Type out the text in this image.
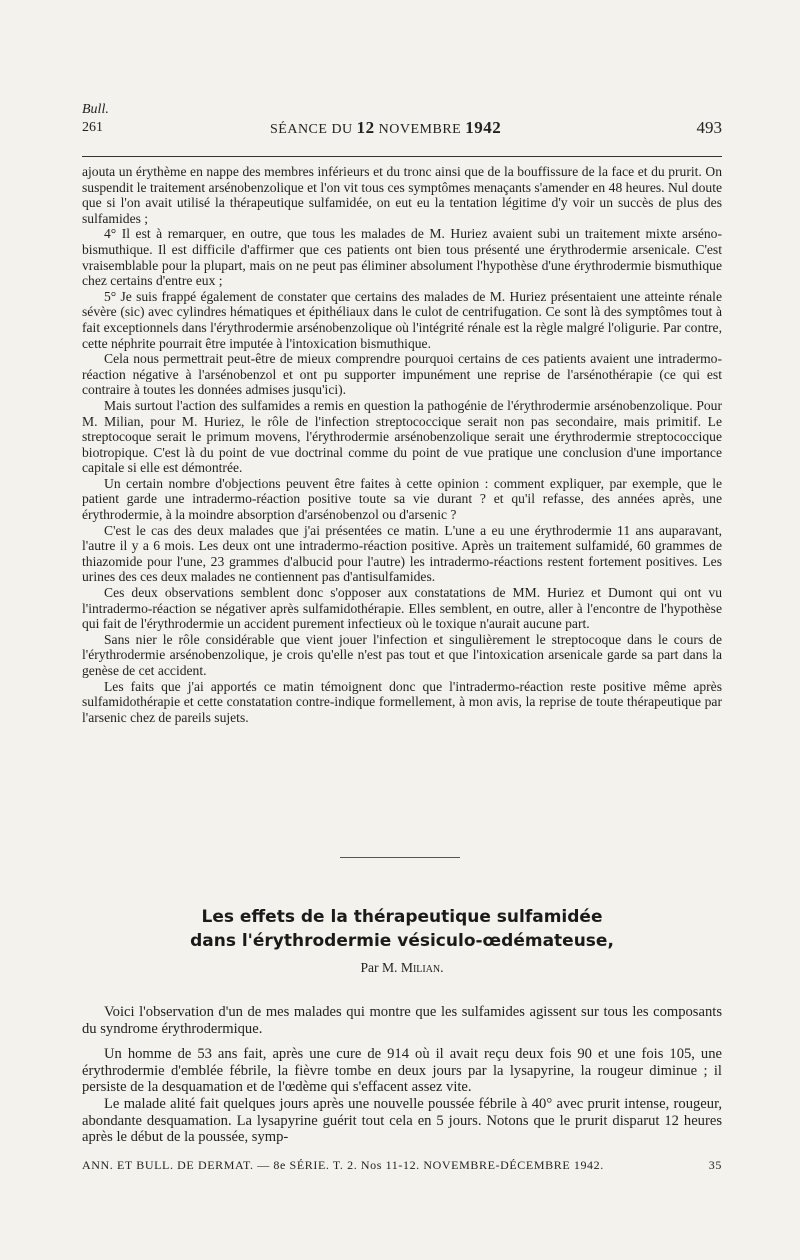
Bull.
261	SÉANCE DU 12 NOVEMBRE 1942	493

ajouta un érythème en nappe des membres inférieurs et du tronc ainsi que de la bouffissure de la face et du prurit. On suspendit le traitement arsénobenzolique et l'on vit tous ces symptômes menaçants s'amender en 48 heures. Nul doute que si l'on avait utilisé la thérapeutique sulfamidée, on eut eu la tentation légitime d'y voir un succès de plus des sulfamides ;

4° Il est à remarquer, en outre, que tous les malades de M. Huriez avaient subi un traitement mixte arséno-bismuthique. Il est difficile d'affirmer que ces patients ont bien tous présenté une érythrodermie arsenicale. C'est vraisemblable pour la plupart, mais on ne peut pas éliminer absolument l'hypothèse d'une érythrodermie bismuthique chez certains d'entre eux ;

5° Je suis frappé également de constater que certains des malades de M. Huriez présentaient une atteinte rénale sévère (sic) avec cylindres hématiques et épithéliaux dans le culot de centrifugation. Ce sont là des symptômes tout à fait exceptionnels dans l'érythrodermie arsénobenzolique où l'intégrité rénale est la règle malgré l'oligurie. Par contre, cette néphrite pourrait être imputée à l'intoxication bismuthique.

Cela nous permettrait peut-être de mieux comprendre pourquoi certains de ces patients avaient une intradermo-réaction négative à l'arsénobenzol et ont pu supporter impunément une reprise de l'arsénothérapie (ce qui est contraire à toutes les données admises jusqu'ici).

Mais surtout l'action des sulfamides a remis en question la pathogénie de l'érythrodermie arsénobenzolique. Pour M. Milian, pour M. Huriez, le rôle de l'infection streptococcique serait non pas secondaire, mais primitif. Le streptocoque serait le primum movens, l'érythrodermie arsénobenzolique serait une érythrodermie streptococcique biotropique. C'est là du point de vue doctrinal comme du point de vue pratique une conclusion d'une importance capitale si elle est démontrée.

Un certain nombre d'objections peuvent être faites à cette opinion : comment expliquer, par exemple, que le patient garde une intradermo-réaction positive toute sa vie durant ? et qu'il refasse, des années après, une érythrodermie, à la moindre absorption d'arsénobenzol ou d'arsenic ?

C'est le cas des deux malades que j'ai présentées ce matin. L'une a eu une érythrodermie 11 ans auparavant, l'autre il y a 6 mois. Les deux ont une intradermo-réaction positive. Après un traitement sulfamidé, 60 grammes de thiazomide pour l'une, 23 grammes d'albucid pour l'autre) les intradermo-réactions restent fortement positives. Les urines des ces deux malades ne contiennent pas d'antisulfamides.

Ces deux observations semblent donc s'opposer aux constatations de MM. Huriez et Dumont qui ont vu l'intradermo-réaction se négativer après sulfamidothérapie. Elles semblent, en outre, aller à l'encontre de l'hypothèse qui fait de l'érythrodermie un accident purement infectieux où le toxique n'aurait aucune part.

Sans nier le rôle considérable que vient jouer l'infection et singulièrement le streptocoque dans le cours de l'érythrodermie arsénobenzolique, je crois qu'elle n'est pas tout et que l'intoxication arsenicale garde sa part dans la genèse de cet accident.

Les faits que j'ai apportés ce matin témoignent donc que l'intradermo-réaction reste positive même après sulfamidothérapie et cette constatation contre-indique formellement, à mon avis, la reprise de toute thérapeutique par l'arsenic chez de pareils sujets.

Les effets de la thérapeutique sulfamidée
dans l'érythrodermie vésiculo-œdémateuse,
Par M. Milian.

Voici l'observation d'un de mes malades qui montre que les sulfamides agissent sur tous les composants du syndrome érythrodermique.

Un homme de 53 ans fait, après une cure de 914 où il avait reçu deux fois 90 et une fois 105, une érythrodermie d'emblée fébrile, la fièvre tombe en deux jours par la lysapyrine, la rougeur diminue ; il persiste de la desquamation et de l'œdème qui s'effacent assez vite.

Le malade alité fait quelques jours après une nouvelle poussée fébrile à 40° avec prurit intense, rougeur, abondante desquamation. La lysapyrine guérit tout cela en 5 jours. Notons que le prurit disparut 12 heures après le début de la poussée, symp-

ANN. ET BULL. DE DERMAT. — 8e SÉRIE. T. 2. Nos 11-12. NOVEMBRE-DÉCEMBRE 1942.	35
